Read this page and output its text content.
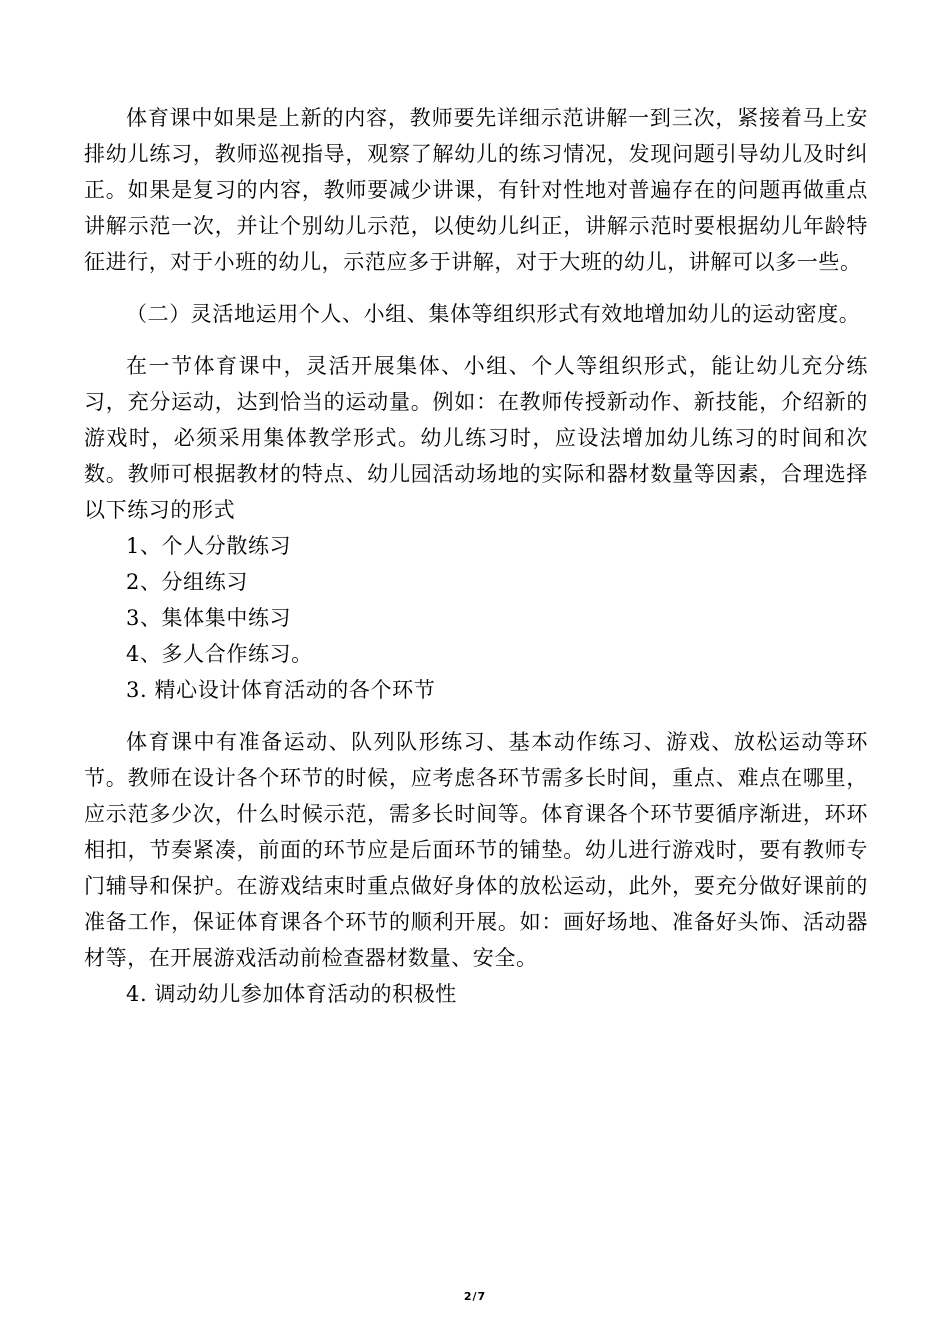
体育课中如果是上新的内容，教师要先详细示范讲解一到三次，紧接着马上安排幼儿练习，教师巡视指导，观察了解幼儿的练习情况，发现问题引导幼儿及时纠正。如果是复习的内容，教师要减少讲课，有针对性地对普遍存在的问题再做重点讲解示范一次，并让个别幼儿示范，以使幼儿纠正，讲解示范时要根据幼儿年龄特征进行，对于小班的幼儿，示范应多于讲解，对于大班的幼儿，讲解可以多一些。

（二）灵活地运用个人、小组、集体等组织形式有效地增加幼儿的运动密度。

在一节体育课中，灵活开展集体、小组、个人等组织形式，能让幼儿充分练习，充分运动，达到恰当的运动量。例如：在教师传授新动作、新技能，介绍新的游戏时，必须采用集体教学形式。幼儿练习时，应设法增加幼儿练习的时间和次数。教师可根据教材的特点、幼儿园活动场地的实际和器材数量等因素，合理选择以下练习的形式

1、个人分散练习

2、分组练习

3、集体集中练习

4、多人合作练习。

3. 精心设计体育活动的各个环节

体育课中有准备运动、队列队形练习、基本动作练习、游戏、放松运动等环节。教师在设计各个环节的时候，应考虑各环节需多长时间，重点、难点在哪里，应示范多少次，什么时候示范，需多长时间等。体育课各个环节要循序渐进，环环相扣，节奏紧凑，前面的环节应是后面环节的铺垫。幼儿进行游戏时，要有教师专门辅导和保护。在游戏结束时重点做好身体的放松运动，此外，要充分做好课前的准备工作，保证体育课各个环节的顺利开展。如：画好场地、准备好头饰、活动器材等，在开展游戏活动前检查器材数量、安全。

4. 调动幼儿参加体育活动的积极性

2/7
